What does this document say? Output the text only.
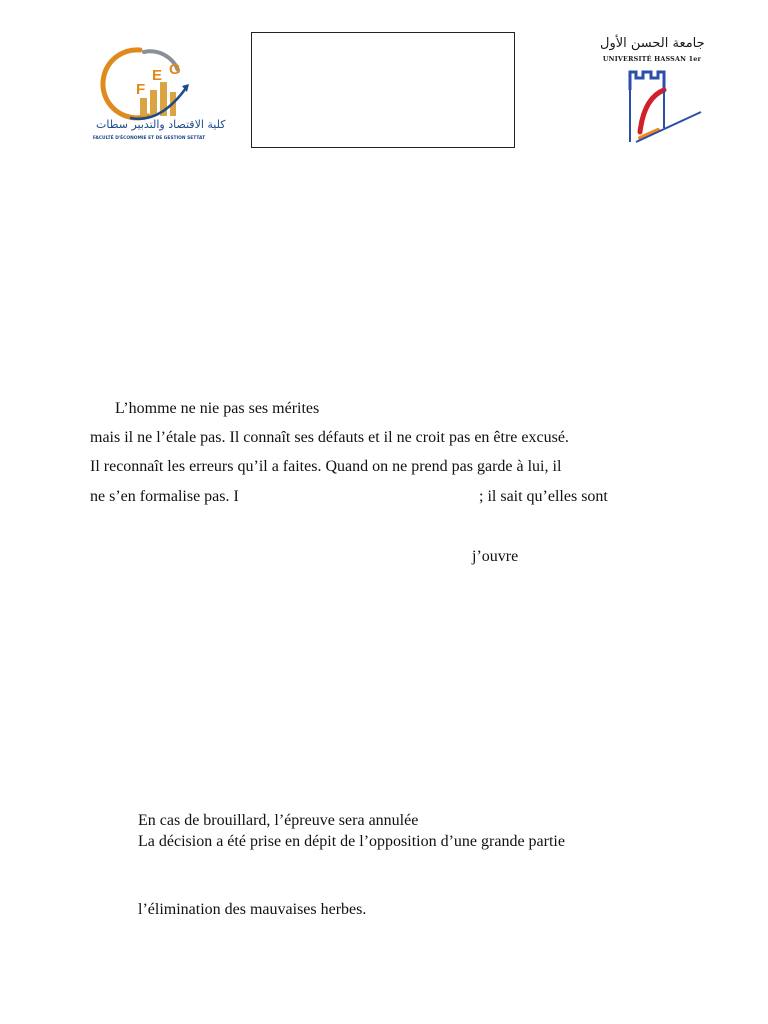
F
E G
كلية الاقتصاد والتدبير سطات
FACULTÉ D'ÉCONOMIE ET DE GESTION SETTAT
جامعة الحسن الأول
UNIVERSITÉ HASSAN 1er
L’homme ne nie pas ses mérites
mais il ne l’étale pas. Il connaît ses défauts et il ne croit pas en être excusé.
Il reconnaît les erreurs qu’il a faites. Quand on ne prend pas garde à lui, il
ne s’en formalise pas. I	; il sait qu’elles sont
j’ouvre
En cas de brouillard, l’épreuve sera annulée
La décision a été prise en dépit de l’opposition d’une grande partie
l’élimination des mauvaises herbes.
